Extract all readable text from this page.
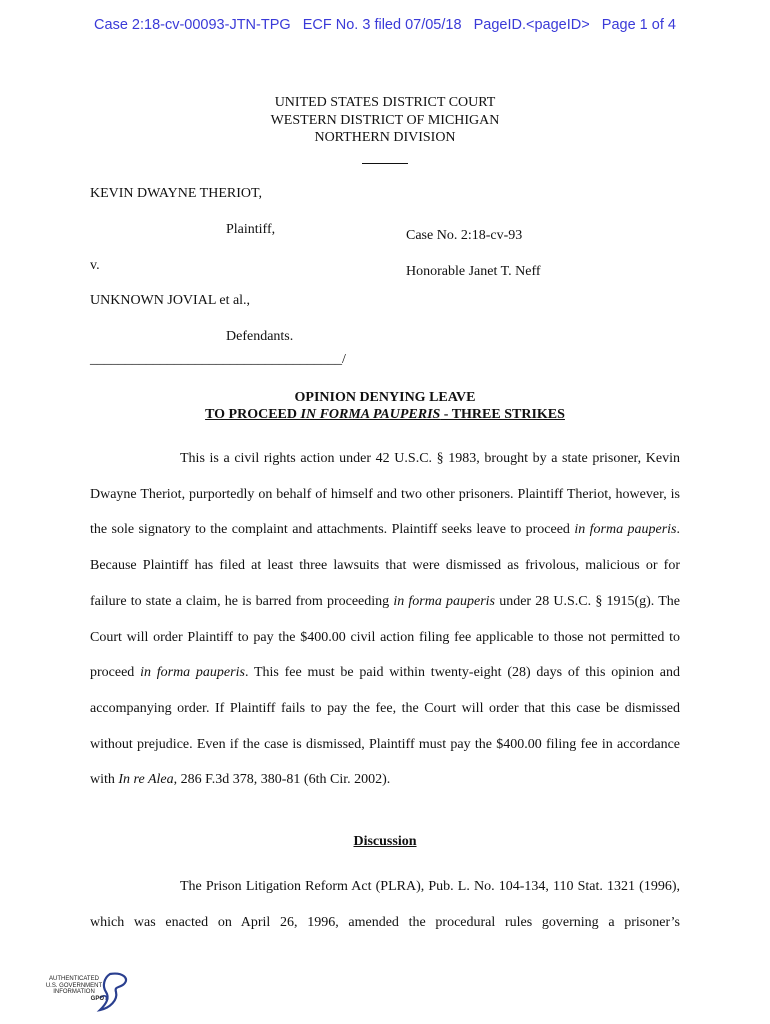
Case 2:18-cv-00093-JTN-TPG   ECF No. 3 filed 07/05/18   PageID.<pageID>   Page 1 of 4
UNITED STATES DISTRICT COURT
WESTERN DISTRICT OF MICHIGAN
NORTHERN DIVISION
KEVIN DWAYNE THERIOT,
Plaintiff,	Case No. 2:18-cv-93
v.	Honorable Janet T. Neff
UNKNOWN JOVIAL et al.,
Defendants.
____________________________________/
OPINION DENYING LEAVE
TO PROCEED IN FORMA PAUPERIS - THREE STRIKES

This is a civil rights action under 42 U.S.C. § 1983, brought by a state prisoner, Kevin Dwayne Theriot, purportedly on behalf of himself and two other prisoners. Plaintiff Theriot, however, is the sole signatory to the complaint and attachments. Plaintiff seeks leave to proceed in forma pauperis. Because Plaintiff has filed at least three lawsuits that were dismissed as frivolous, malicious or for failure to state a claim, he is barred from proceeding in forma pauperis under 28 U.S.C. § 1915(g). The Court will order Plaintiff to pay the $400.00 civil action filing fee applicable to those not permitted to proceed in forma pauperis. This fee must be paid within twenty-eight (28) days of this opinion and accompanying order. If Plaintiff fails to pay the fee, the Court will order that this case be dismissed without prejudice. Even if the case is dismissed, Plaintiff must pay the $400.00 filing fee in accordance with In re Alea, 286 F.3d 378, 380-81 (6th Cir. 2002).

Discussion

The Prison Litigation Reform Act (PLRA), Pub. L. No. 104-134, 110 Stat. 1321 (1996), which was enacted on April 26, 1996, amended the procedural rules governing a prisoner’s

AUTHENTICATED
U.S. GOVERNMENT
INFORMATION
GPO
